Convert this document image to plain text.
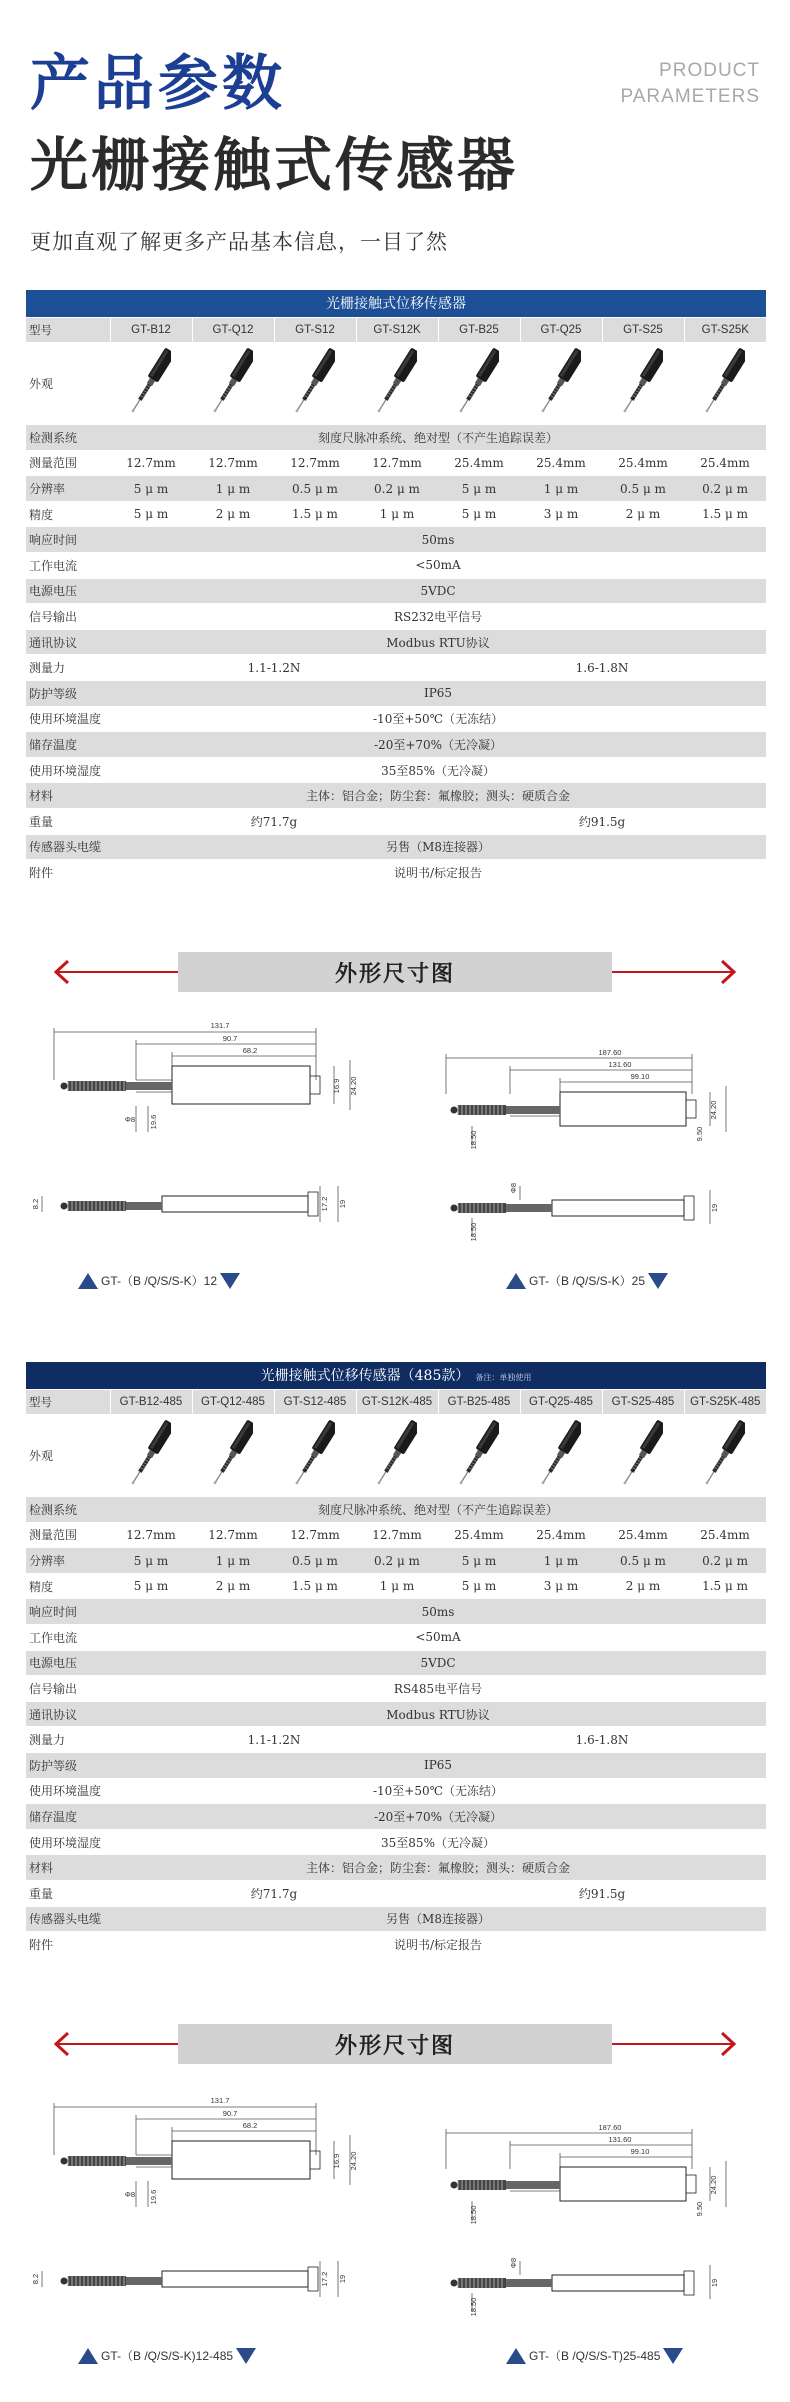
产品参数
光栅接触式传感器
PRODUCT
PARAMETERS
更加直观了解更多产品基本信息，一目了然
光栅接触式位移传感器								
型号	GT-B12	GT-Q12	GT-S12	GT-S12K	GT-B25	GT-Q25	GT-S25	GT-S25K
外观								
检测系统	刻度尺脉冲系统、绝对型（不产生追踪误差）							
测量范围	12.7mm	12.7mm	12.7mm	12.7mm	25.4mm	25.4mm	25.4mm	25.4mm
分辨率	5 μ m	1 μ m	0.5 μ m	0.2 μ m	5 μ m	1 μ m	0.5 μ m	0.2 μ m
精度	5 μ m	2 μ m	1.5 μ m	1 μ m	5 μ m	3 μ m	2 μ m	1.5 μ m
响应时间	50ms							
工作电流	<50mA							
电源电压	5VDC							
信号输出	RS232电平信号							
通讯协议	Modbus RTU协议							
测量力	1.1-1.2N				1.6-1.8N			
防护等级	IP65							
使用环境温度	-10至+50℃（无冻结）							
储存温度	-20至+70%（无冷凝）							
使用环境湿度	35至85%（无冷凝）							
材料	主体：铝合金；防尘套：氟橡胶；测头：硬质合金							
重量	约71.7g				约91.5g			
传感器头电缆	另售（M8连接器）							
附件	说明书/标定报告							
外形尺寸图
131.7
90.7
68.2
16.9 24.20
Φ8 19.6
8.2	17.2 19
187.60
131.60
99.10
24.20
18.50	9.50
Φ8
19
18.50
GT-（B /Q/S/S-K）12	GT-（B /Q/S/S-K）25
光栅接触式位移传感器（485款） 备注：单独使用								
型号	GT-B12-485	GT-Q12-485	GT-S12-485	GT-S12K-485	GT-B25-485	GT-Q25-485	GT-S25-485	GT-S25K-485
外观								
检测系统	刻度尺脉冲系统、绝对型（不产生追踪误差）							
测量范围	12.7mm	12.7mm	12.7mm	12.7mm	25.4mm	25.4mm	25.4mm	25.4mm
分辨率	5 μ m	1 μ m	0.5 μ m	0.2 μ m	5 μ m	1 μ m	0.5 μ m	0.2 μ m
精度	5 μ m	2 μ m	1.5 μ m	1 μ m	5 μ m	3 μ m	2 μ m	1.5 μ m
响应时间	50ms							
工作电流	<50mA							
电源电压	5VDC							
信号输出	RS485电平信号							
通讯协议	Modbus RTU协议							
测量力	1.1-1.2N				1.6-1.8N			
防护等级	IP65							
使用环境温度	-10至+50℃（无冻结）							
储存温度	-20至+70%（无冷凝）							
使用环境湿度	35至85%（无冷凝）							
材料	主体：铝合金；防尘套：氟橡胶；测头：硬质合金							
重量	约71.7g				约91.5g			
传感器头电缆	另售（M8连接器）							
附件	说明书/标定报告							
外形尺寸图
131.7
90.7
68.2
16.9 24.20
Φ8 19.6
8.2	17.2 19
187.60
131.60
99.10
24.20
18.50	9.50
Φ8
19
18.50
GT-（B /Q/S/S-K)12-485	GT-（B /Q/S/S-T)25-485
